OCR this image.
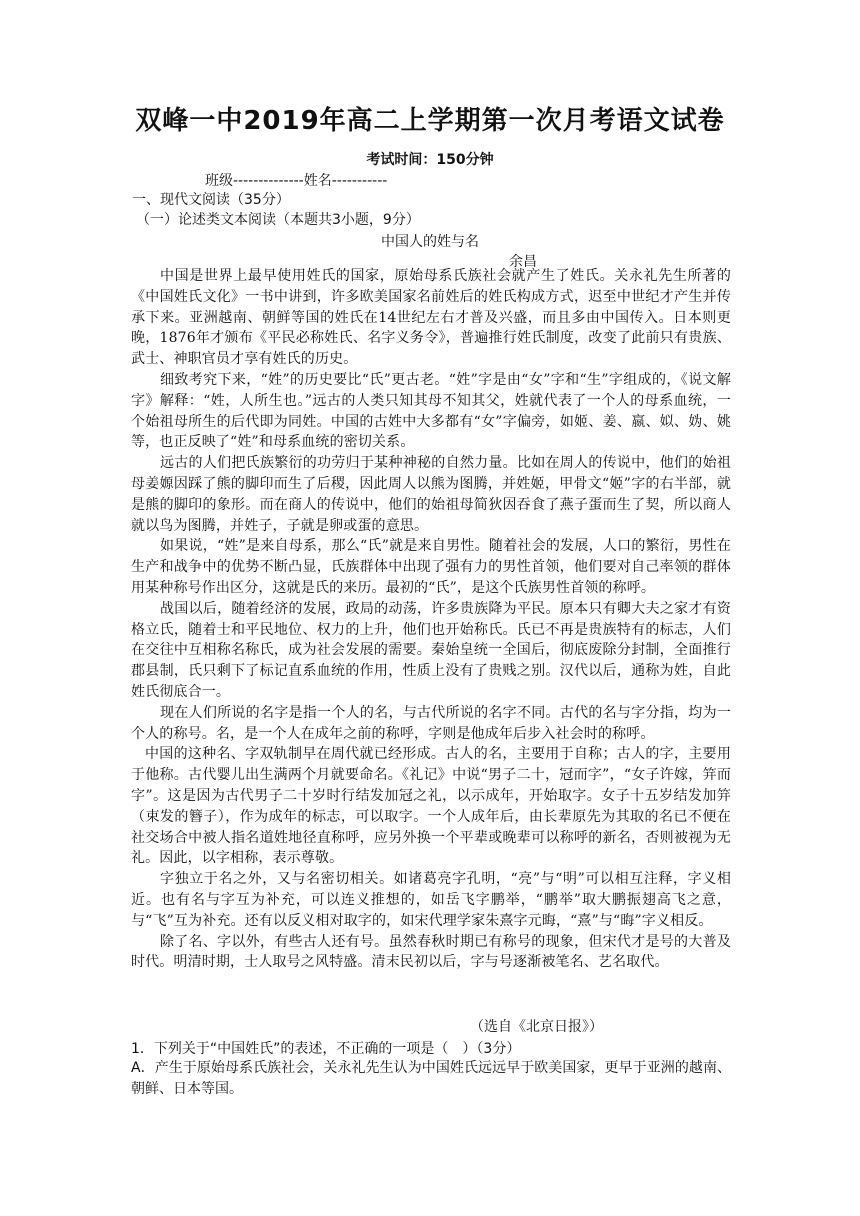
双峰一中2019年高二上学期第一次月考语文试卷
考试时间：150分钟
班级--------------姓名-----------
一、现代文阅读（35分）
（一）论述类文本阅读（本题共3小题，9分）
中国人的姓与名
余昌

中国是世界上最早使用姓氏的国家，原始母系氏族社会就产生了姓氏。关永礼先生所著的《中国姓氏文化》一书中讲到，许多欧美国家名前姓后的姓氏构成方式，迟至中世纪才产生并传承下来。亚洲越南、朝鲜等国的姓氏在14世纪左右才普及兴盛，而且多由中国传入。日本则更晚，1876年才颁布《平民必称姓氏、名字义务令》，普遍推行姓氏制度，改变了此前只有贵族、武士、神职官员才享有姓氏的历史。

细致考究下来，“姓”的历史要比“氏”更古老。“姓”字是由“女”字和“生”字组成的，《说文解字》解释：“姓，人所生也。”远古的人类只知其母不知其父，姓就代表了一个人的母系血统，一个始祖母所生的后代即为同姓。中国的古姓中大多都有“女”字偏旁，如姬、姜、嬴、姒、妫、姚等，也正反映了“姓”和母系血统的密切关系。

远古的人们把氏族繁衍的功劳归于某种神秘的自然力量。比如在周人的传说中，他们的始祖母姜嫄因踩了熊的脚印而生了后稷，因此周人以熊为图腾，并姓姬，甲骨文“姬”字的右半部，就是熊的脚印的象形。而在商人的传说中，他们的始祖母简狄因吞食了燕子蛋而生了契，所以商人就以鸟为图腾，并姓子，子就是卵或蛋的意思。

如果说，“姓”是来自母系，那么“氏”就是来自男性。随着社会的发展，人口的繁衍，男性在生产和战争中的优势不断凸显，氏族群体中出现了强有力的男性首领，他们要对自己率领的群体用某种称号作出区分，这就是氏的来历。最初的“氏”，是这个氏族男性首领的称呼。

战国以后，随着经济的发展，政局的动荡，许多贵族降为平民。原本只有卿大夫之家才有资格立氏，随着士和平民地位、权力的上升，他们也开始称氏。氏已不再是贵族特有的标志，人们在交往中互相称名称氏，成为社会发展的需要。秦始皇统一全国后，彻底废除分封制，全面推行郡县制，氏只剩下了标记直系血统的作用，性质上没有了贵贱之别。汉代以后，通称为姓，自此姓氏彻底合一。

现在人们所说的名字是指一个人的名，与古代所说的名字不同。古代的名与字分指，均为一个人的称号。名，是一个人在成年之前的称呼，字则是他成年后步入社会时的称呼。

中国的这种名、字双轨制早在周代就已经形成。古人的名，主要用于自称；古人的字，主要用于他称。古代婴儿出生满两个月就要命名。《礼记》中说“男子二十，冠而字”，“女子许嫁，笄而字”。这是因为古代男子二十岁时行结发加冠之礼，以示成年，开始取字。女子十五岁结发加笄（束发的簪子），作为成年的标志，可以取字。一个人成年后，由长辈原先为其取的名已不便在社交场合中被人指名道姓地径直称呼，应另外换一个平辈或晚辈可以称呼的新名，否则被视为无礼。因此，以字相称，表示尊敬。

字独立于名之外，又与名密切相关。如诸葛亮字孔明，“亮”与“明”可以相互注释，字义相近。也有名与字互为补充，可以连义推想的，如岳飞字鹏举，“鹏举”取大鹏振翅高飞之意，与“飞”互为补充。还有以反义相对取字的，如宋代理学家朱熹字元晦，“熹”与“晦”字义相反。

除了名、字以外，有些古人还有号。虽然春秋时期已有称号的现象，但宋代才是号的大普及时代。明清时期，士人取号之风特盛。清末民初以后，字与号逐渐被笔名、艺名取代。

（选自《北京日报》）
1．下列关于“中国姓氏”的表述，不正确的一项是（　）（3分）
A．产生于原始母系氏族社会，关永礼先生认为中国姓氏远远早于欧美国家，更早于亚洲的越南、朝鲜、日本等国。
